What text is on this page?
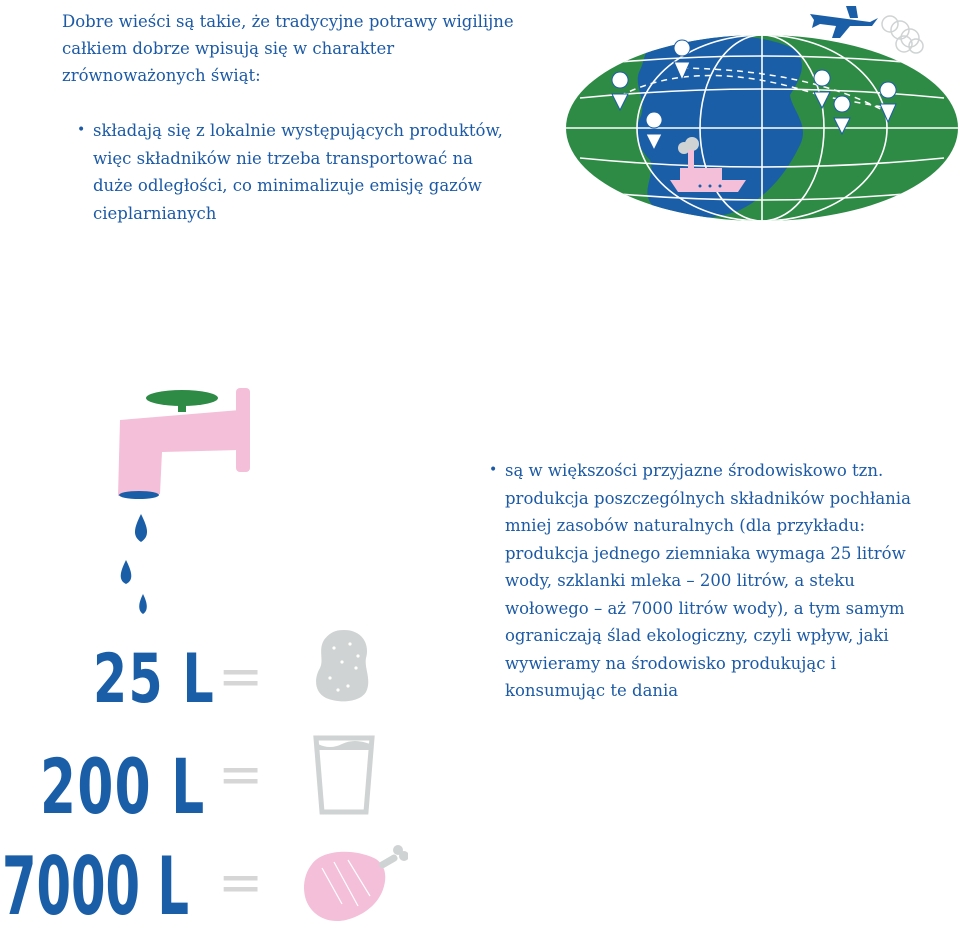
Dobre wieści są takie, że tradycyjne potrawy wigilijne całkiem dobrze wpisują się w charakter zrównoważonych świąt:

• składają się z lokalnie występujących produktów, więc składników nie trzeba transportować na duże odległości, co minimalizuje emisję gazów cieplarnianych
• są w większości przyjazne środowiskowo tzn. produkcja poszczególnych składników pochłania mniej zasobów naturalnych (dla przykładu: produkcja jednego ziemniaka wymaga 25 litrów wody, szklanki mleka – 200 litrów, a steku wołowego – aż 7000 litrów wody), a tym samym ograniczają ślad ekologiczny, czyli wpływ, jaki wywieramy na środowisko produkując i konsumując te dania
25 L
200 L
7000 L
=
=
=
